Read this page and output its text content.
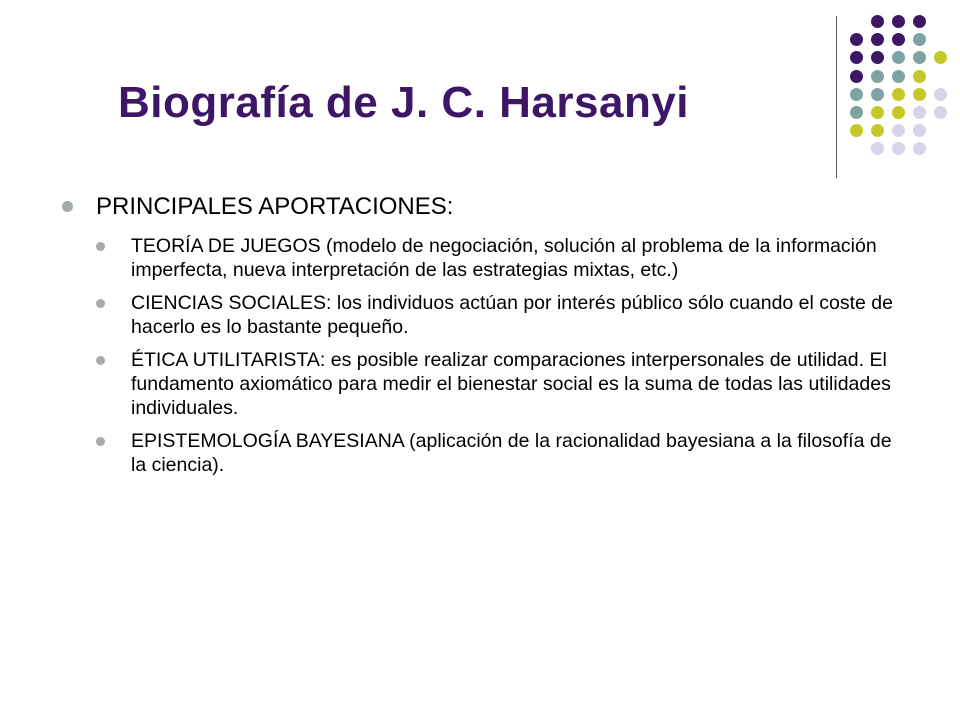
Biografía de J. C. Harsanyi
PRINCIPALES APORTACIONES:
TEORÍA DE JUEGOS (modelo de negociación, solución al problema de la información imperfecta, nueva interpretación de las estrategias mixtas, etc.)
CIENCIAS SOCIALES: los individuos actúan por interés público sólo cuando el coste de hacerlo es lo bastante pequeño.
ÉTICA UTILITARISTA: es posible realizar comparaciones interpersonales de utilidad. El fundamento axiomático para medir el bienestar social es la suma de todas las utilidades individuales.
EPISTEMOLOGÍA BAYESIANA (aplicación de la racionalidad bayesiana a la filosofía de la ciencia).
